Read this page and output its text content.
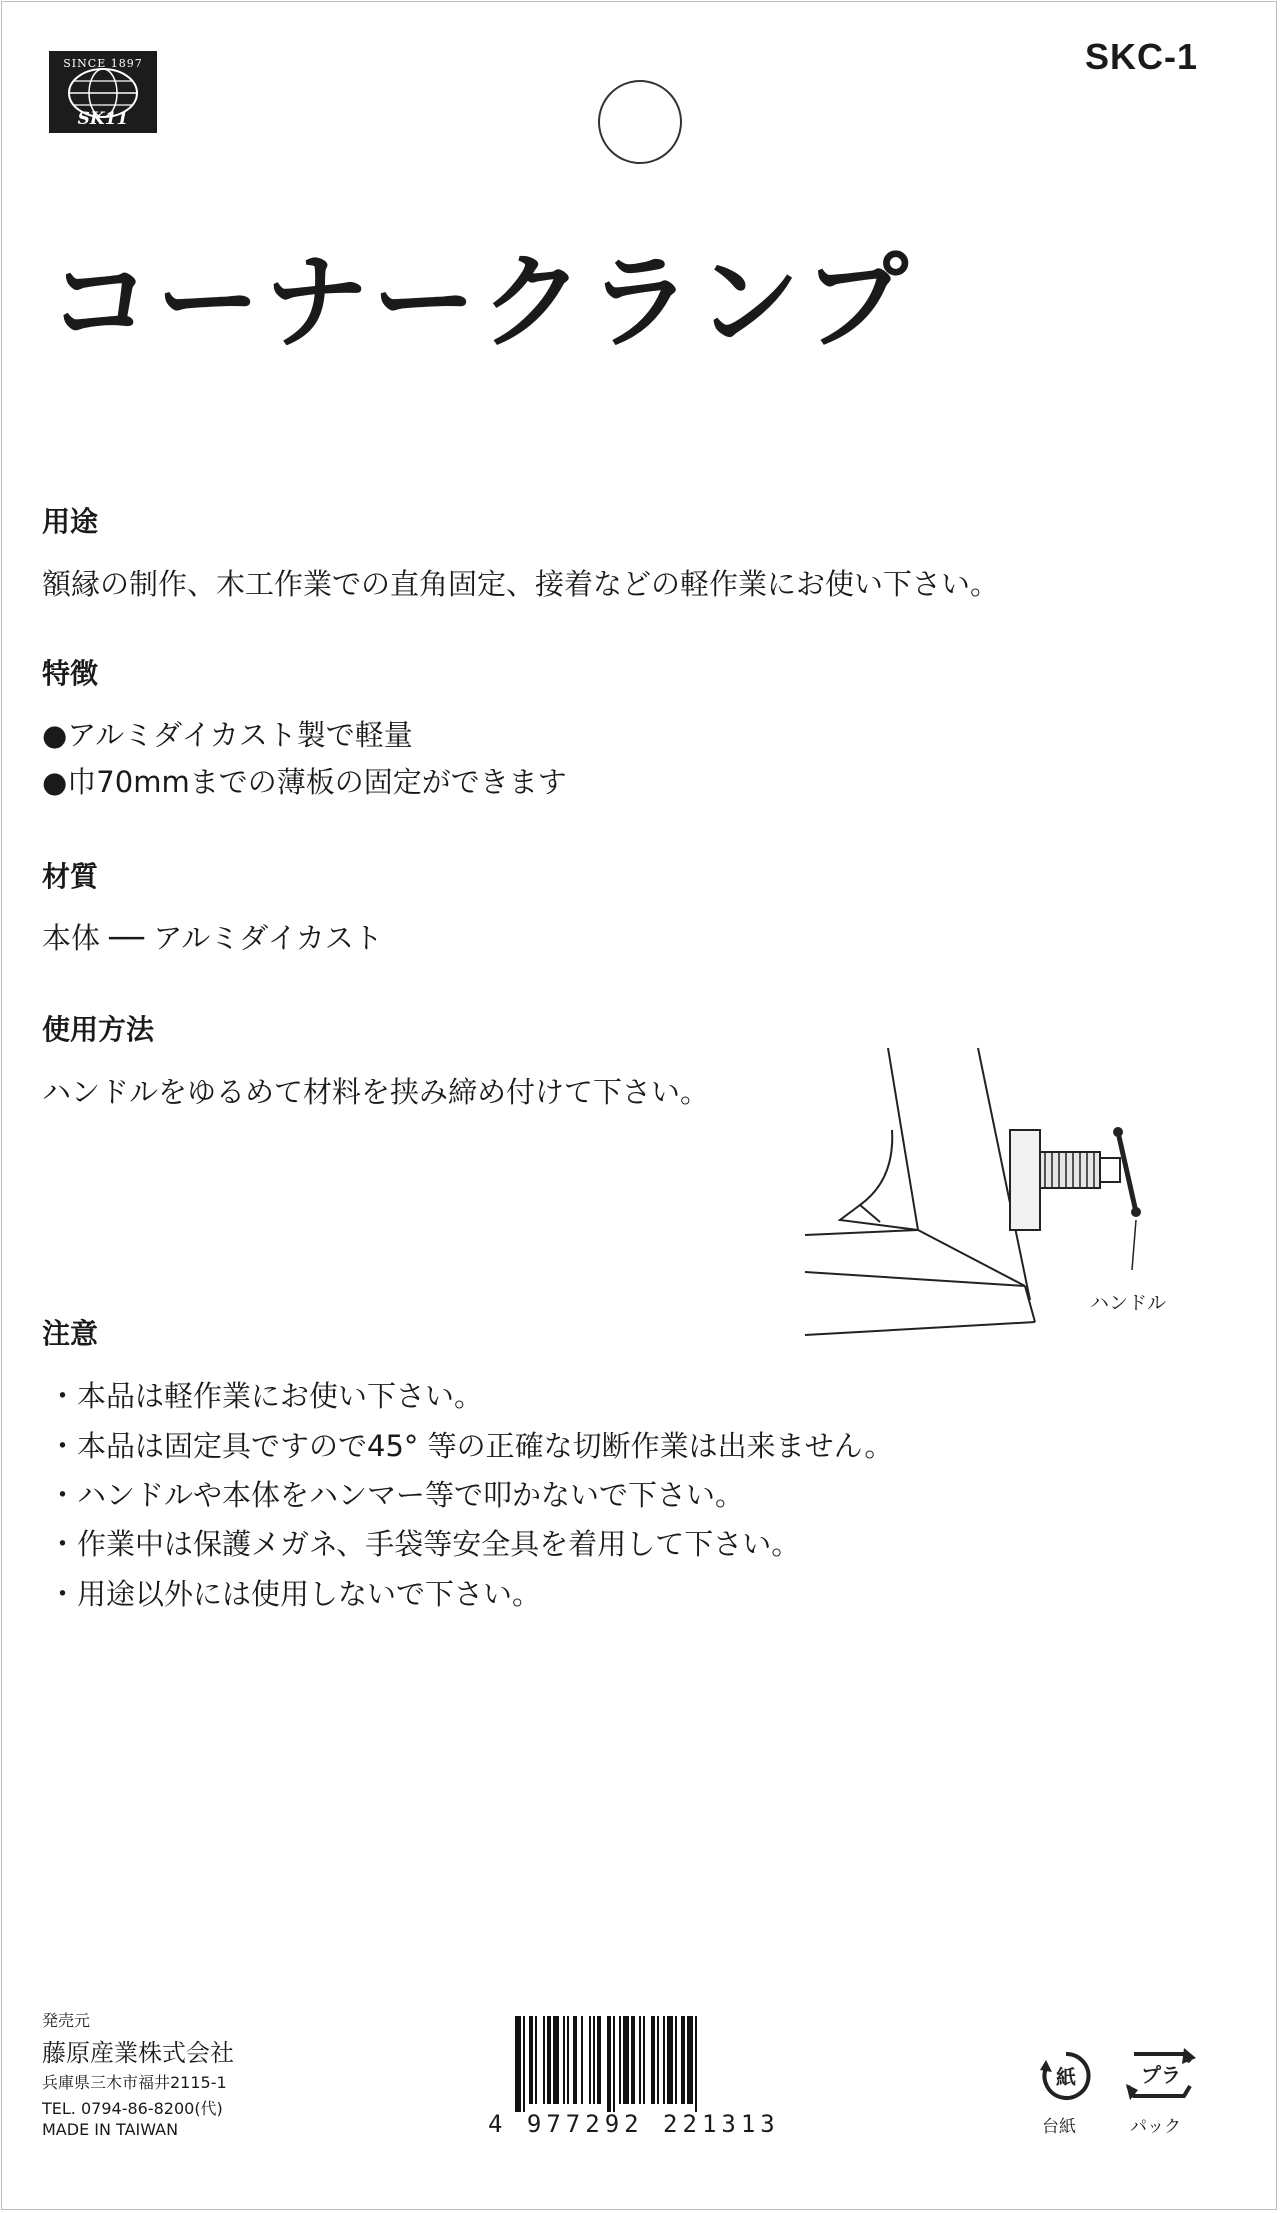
SINCE 1897
SK11
SKC-1
コーナークランプ
用途
額縁の制作、木工作業での直角固定、接着などの軽作業にお使い下さい。
特徴
●アルミダイカスト製で軽量
●巾70mmまでの薄板の固定ができます
材質
本体 ── アルミダイカスト
使用方法
ハンドルをゆるめて材料を挟み締め付けて下さい。
ハンドル
注意
・本品は軽作業にお使い下さい。
・本品は固定具ですので45° 等の正確な切断作業は出来ません。
・ハンドルや本体をハンマー等で叩かないで下さい。
・作業中は保護メガネ、手袋等安全具を着用して下さい。
・用途以外には使用しないで下さい。
発売元
藤原産業株式会社
兵庫県三木市福井2115-1
TEL. 0794-86-8200(代)
MADE IN TAIWAN	4 977292 221313
紙
台紙
プラ
パック
